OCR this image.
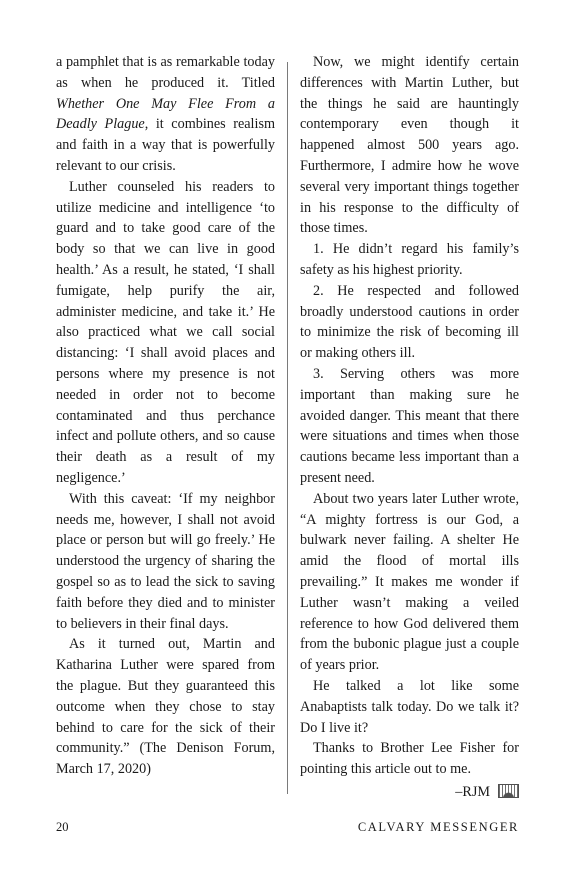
a pamphlet that is as remarkable today as when he produced it. Titled Whether One May Flee From a Deadly Plague, it combines realism and faith in a way that is powerfully relevant to our crisis.

Luther counseled his readers to utilize medicine and intelligence ‘to guard and to take good care of the body so that we can live in good health.’ As a result, he stated, ‘I shall fumigate, help purify the air, administer medicine, and take it.’ He also practiced what we call social distancing: ‘I shall avoid places and persons where my presence is not needed in order not to become contaminated and thus perchance infect and pollute others, and so cause their death as a result of my negligence.’

With this caveat: ‘If my neighbor needs me, however, I shall not avoid place or person but will go freely.’ He understood the urgency of sharing the gospel so as to lead the sick to saving faith before they died and to minister to believers in their final days.

As it turned out, Martin and Katharina Luther were spared from the plague. But they guaranteed this outcome when they chose to stay behind to care for the sick of their community.” (The Denison Forum, March 17, 2020)

Now, we might identify certain differences with Martin Luther, but the things he said are hauntingly contemporary even though it happened almost 500 years ago. Furthermore, I admire how he wove several very important things together in his response to the difficulty of those times.

1. He didn’t regard his family’s safety as his highest priority.

2. He respected and followed broadly understood cautions in order to minimize the risk of becoming ill or making others ill.

3. Serving others was more important than making sure he avoided danger. This meant that there were situations and times when those cautions became less important than a present need.

About two years later Luther wrote, “A mighty fortress is our God, a bulwark never failing. A shelter He amid the flood of mortal ills prevailing.” It makes me wonder if Luther wasn’t making a veiled reference to how God delivered them from the bubonic plague just a couple of years prior.

He talked a lot like some Anabaptists talk today. Do we talk it? Do I live it?

Thanks to Brother Lee Fisher for pointing this article out to me.

–RJM
20	CALVARY MESSENGER
